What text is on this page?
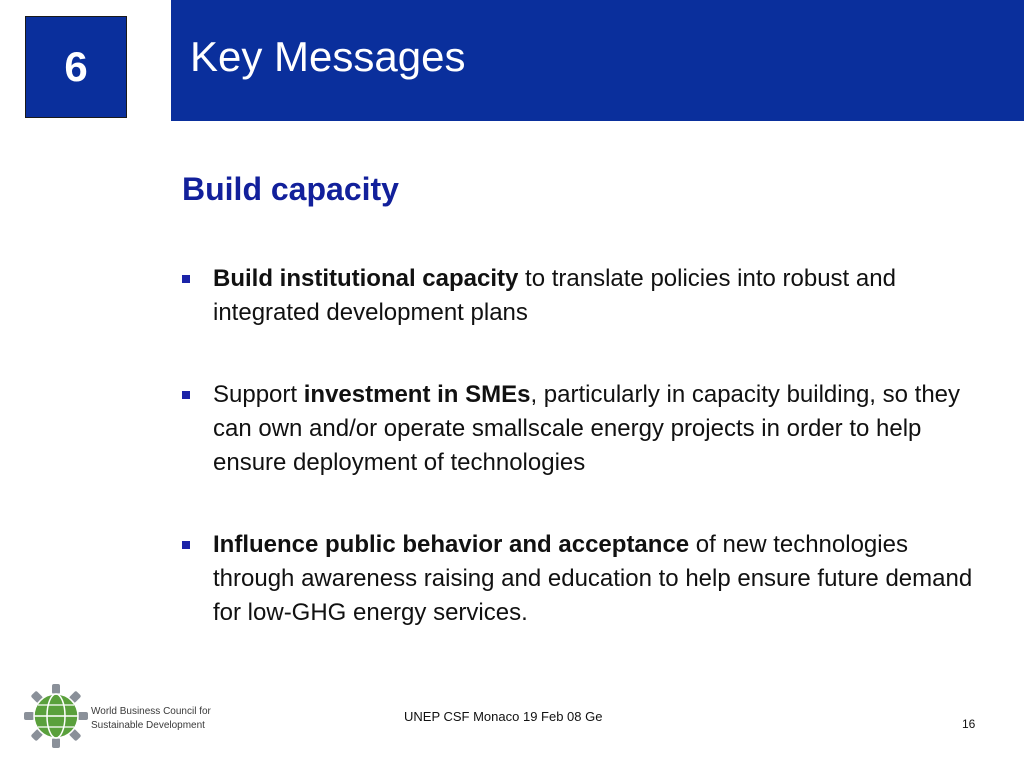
6 Key Messages
Build capacity
Build institutional capacity to translate policies into robust and integrated development plans
Support investment in SMEs, particularly in capacity building, so they can own and/or operate smallscale energy projects in order to help ensure deployment of technologies
Influence public behavior and acceptance of new technologies through awareness raising and education to help ensure future demand for low-GHG energy services.

World Business Council for
Sustainable Development

UNEP CSF Monaco 19 Feb 08 Ge	16
